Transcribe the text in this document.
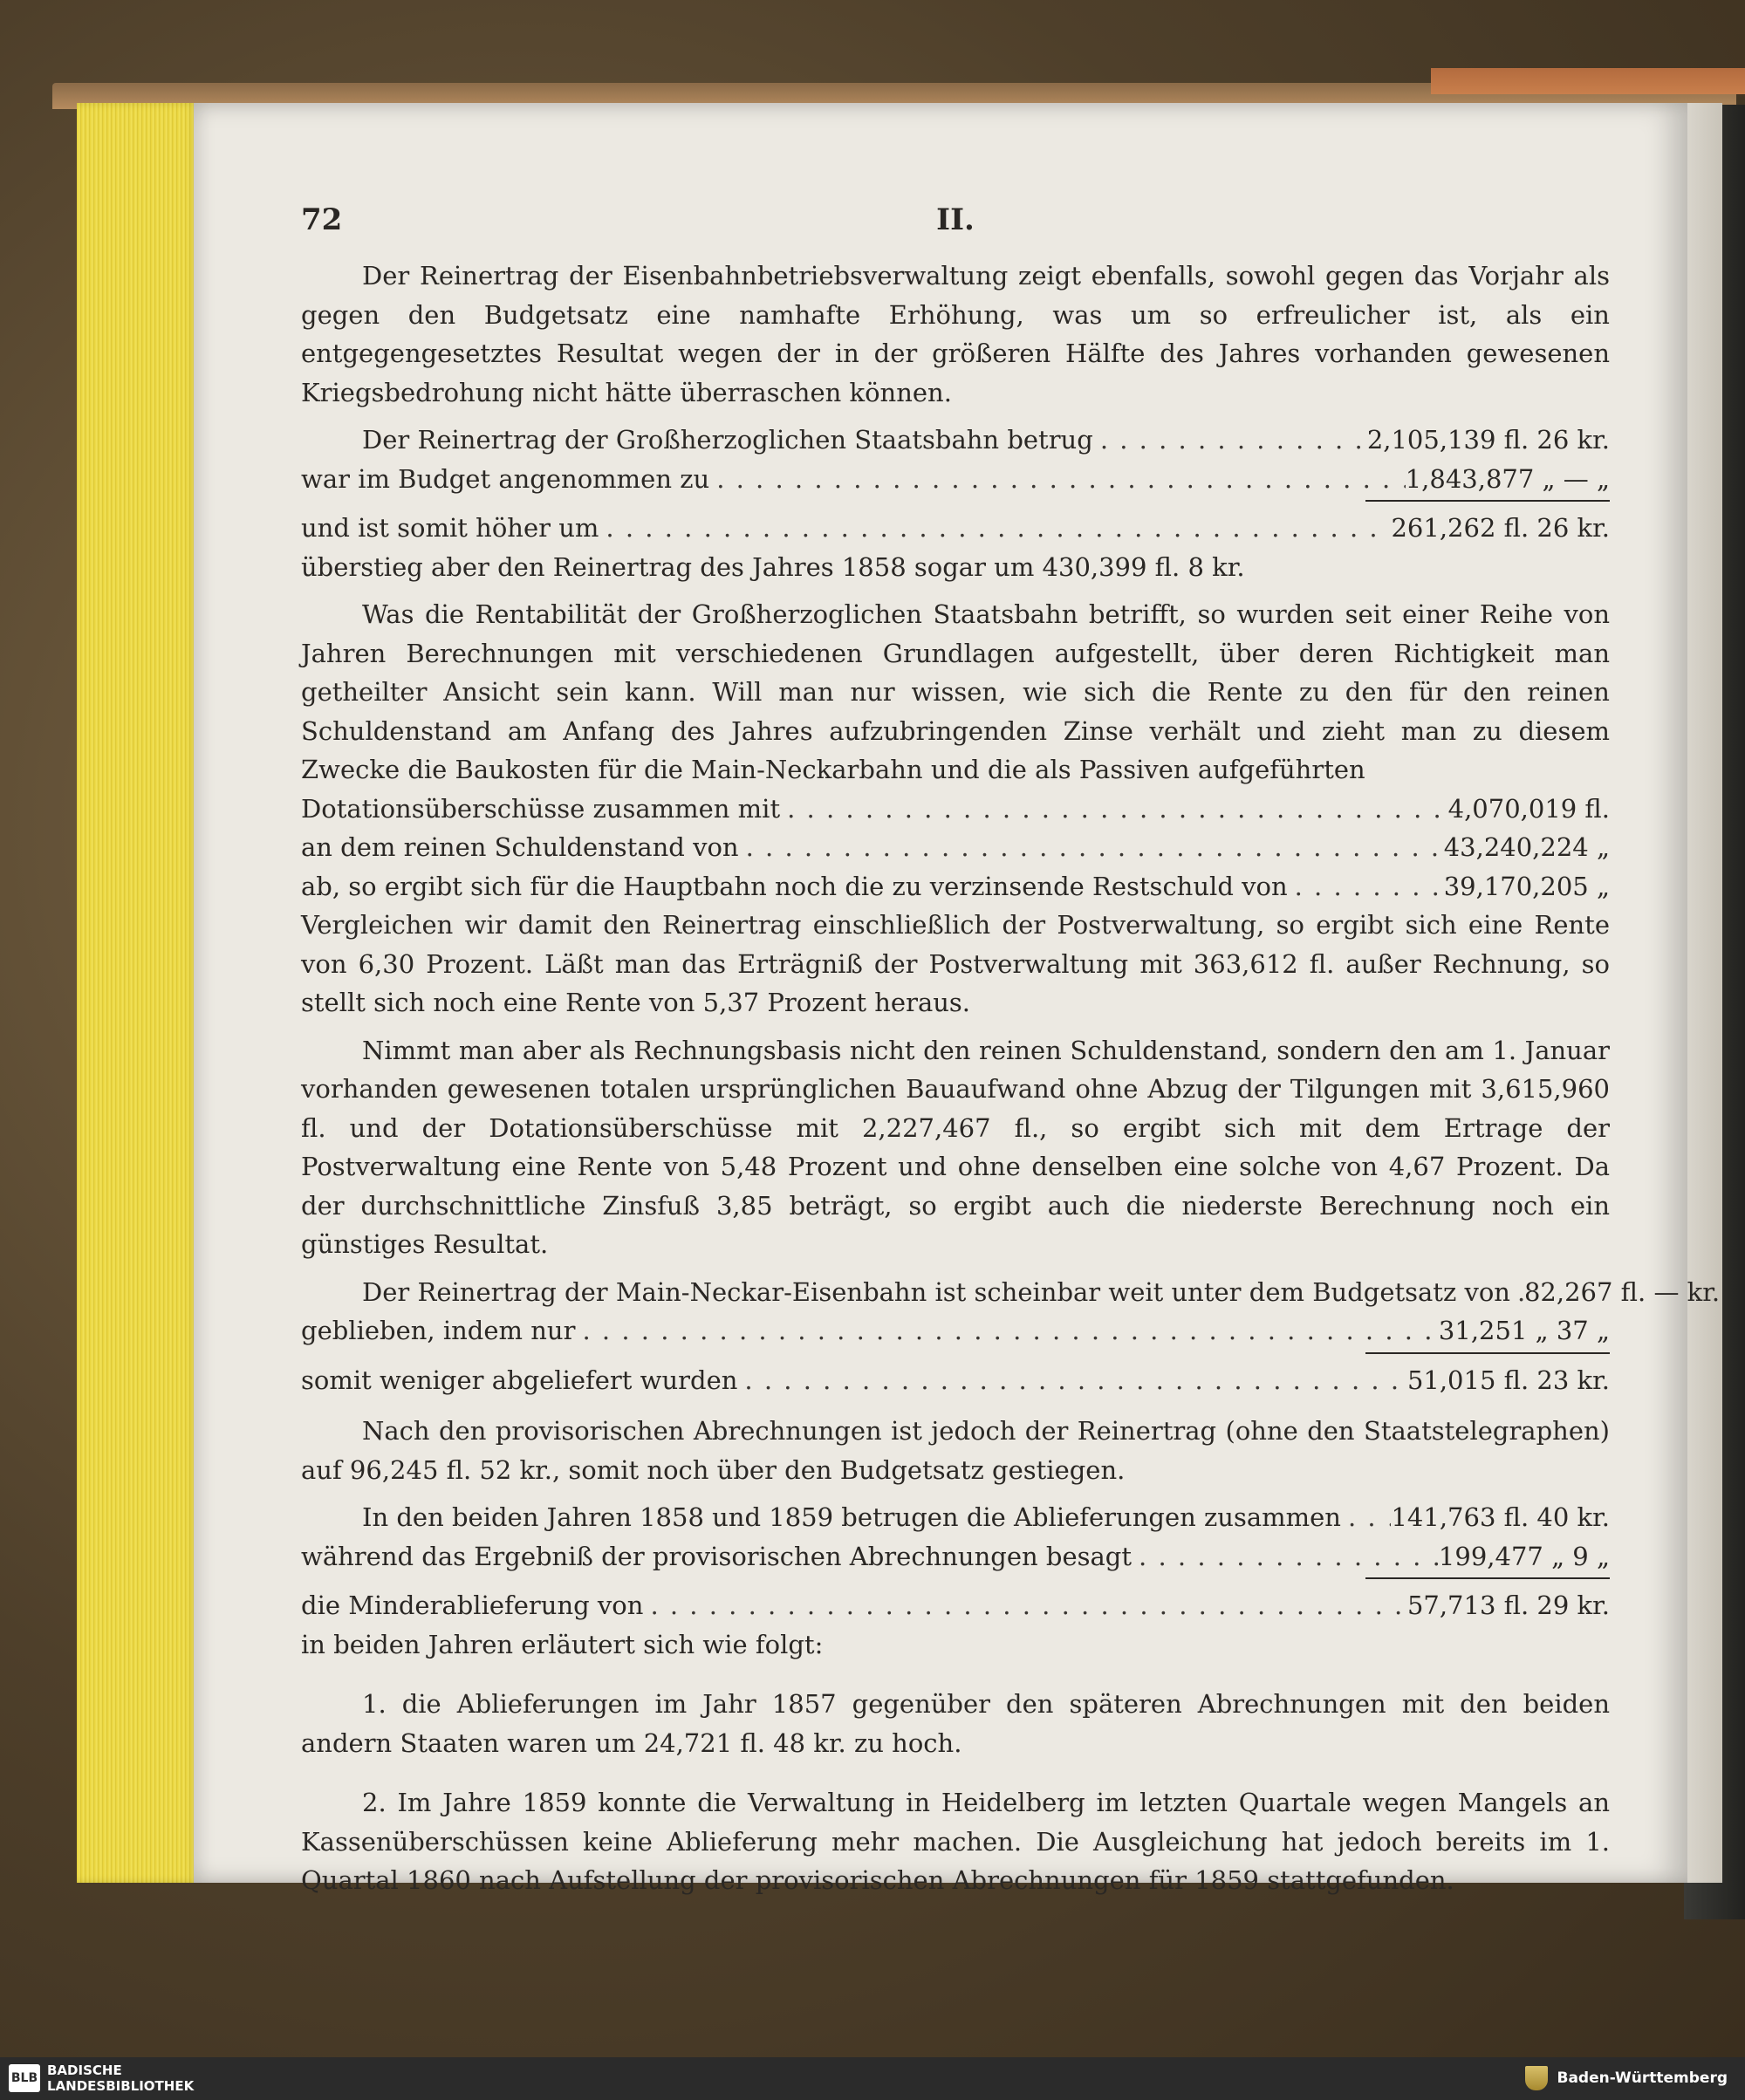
72	II.

Der Reinertrag der Eisenbahnbetriebsverwaltung zeigt ebenfalls, sowohl gegen das Vorjahr als gegen den Budgetsatz eine namhafte Erhöhung, was um so erfreulicher ist, als ein entgegengesetztes Resultat wegen der in der größeren Hälfte des Jahres vorhanden gewesenen Kriegsbedrohung nicht hätte überraschen können.

Der Reinertrag der Großherzoglichen Staatsbahn betrug . . .	2,105,139 fl. 26 kr.
war im Budget angenommen zu . . .	1,843,877 „ — „
und ist somit höher um . . .	261,262 fl. 26 kr.

überstieg aber den Reinertrag des Jahres 1858 sogar um 430,399 fl. 8 kr.

Was die Rentabilität der Großherzoglichen Staatsbahn betrifft, so wurden seit einer Reihe von Jahren Berechnungen mit verschiedenen Grundlagen aufgestellt, über deren Richtigkeit man getheilter Ansicht sein kann. Will man nur wissen, wie sich die Rente zu den für den reinen Schuldenstand am Anfang des Jahres aufzubringenden Zinse verhält und zieht man zu diesem Zwecke die Baukosten für die Main-Neckarbahn und die als Passiven aufgeführten

Dotationsüberschüsse zusammen mit . . .	4,070,019 fl.
an dem reinen Schuldenstand von . . .	43,240,224 „
ab, so ergibt sich für die Hauptbahn noch die zu verzinsende Restschuld von . . .	39,170,205 „

Vergleichen wir damit den Reinertrag einschließlich der Postverwaltung, so ergibt sich eine Rente von 6,30 Prozent. Läßt man das Erträgniß der Postverwaltung mit 363,612 fl. außer Rechnung, so stellt sich noch eine Rente von 5,37 Prozent heraus.

Nimmt man aber als Rechnungsbasis nicht den reinen Schuldenstand, sondern den am 1. Januar vorhanden gewesenen totalen ursprünglichen Bauaufwand ohne Abzug der Tilgungen mit 3,615,960 fl. und der Dotationsüberschüsse mit 2,227,467 fl., so ergibt sich mit dem Ertrage der Postverwaltung eine Rente von 5,48 Prozent und ohne denselben eine solche von 4,67 Prozent. Da der durchschnittliche Zinsfuß 3,85 beträgt, so ergibt auch die niederste Berechnung noch ein günstiges Resultat.

Der Reinertrag der Main-Neckar-Eisenbahn ist scheinbar weit unter dem Budgetsatz von . . . 82,267 fl. — kr.
geblieben, indem nur . . .	31,251 „ 37 „
somit weniger abgeliefert wurden . . .	51,015 fl. 23 kr.

Nach den provisorischen Abrechnungen ist jedoch der Reinertrag (ohne den Staatstelegraphen) auf 96,245 fl. 52 kr., somit noch über den Budgetsatz gestiegen.

In den beiden Jahren 1858 und 1859 betrugen die Ablieferungen zusammen . . . 141,763 fl. 40 kr.
während das Ergebniß der provisorischen Abrechnungen besagt . . .	199,477 „ 9 „
die Minderablieferung von . . .	57,713 fl. 29 kr.

in beiden Jahren erläutert sich wie folgt:

1. die Ablieferungen im Jahr 1857 gegenüber den späteren Abrechnungen mit den beiden andern Staaten waren um 24,721 fl. 48 kr. zu hoch.

2. Im Jahre 1859 konnte die Verwaltung in Heidelberg im letzten Quartale wegen Mangels an Kassenüberschüssen keine Ablieferung mehr machen. Die Ausgleichung hat jedoch bereits im 1. Quartal 1860 nach Aufstellung der provisorischen Abrechnungen für 1859 stattgefunden.

BLB BADISCHE
LANDESBIBLIOTHEK	Baden-Württemberg
